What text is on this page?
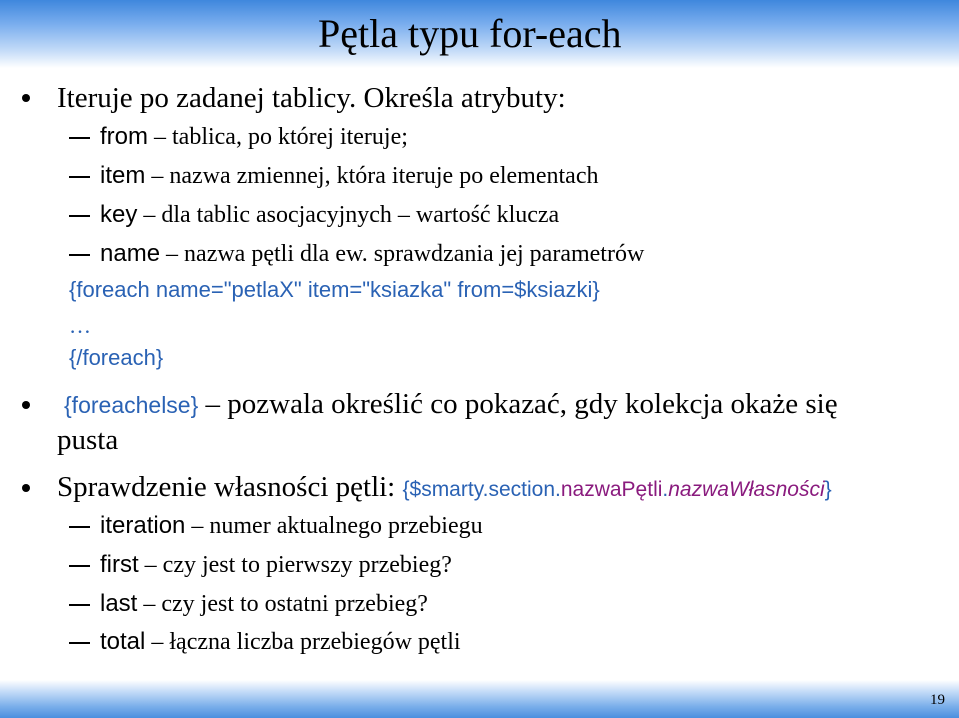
Pętla typu for-each
Iteruje po zadanej tablicy. Określa atrybuty:
from – tablica, po której iteruje;
item – nazwa zmiennej, która iteruje po elementach
key – dla tablic asocjacyjnych – wartość klucza
name – nazwa pętli dla ew. sprawdzania jej parametrów
{foreach name="petlaX" item="ksiazka" from=$ksiazki}
…
{/foreach}
{foreachelse} – pozwala określić co pokazać, gdy kolekcja okaże się
pusta
Sprawdzenie własności pętli: {$smarty.section.nazwaPętli.nazwaWłasności}
iteration – numer aktualnego przebiegu
first – czy jest to pierwszy przebieg?
last – czy jest to ostatni przebieg?
total – łączna liczba przebiegów pętli
19
